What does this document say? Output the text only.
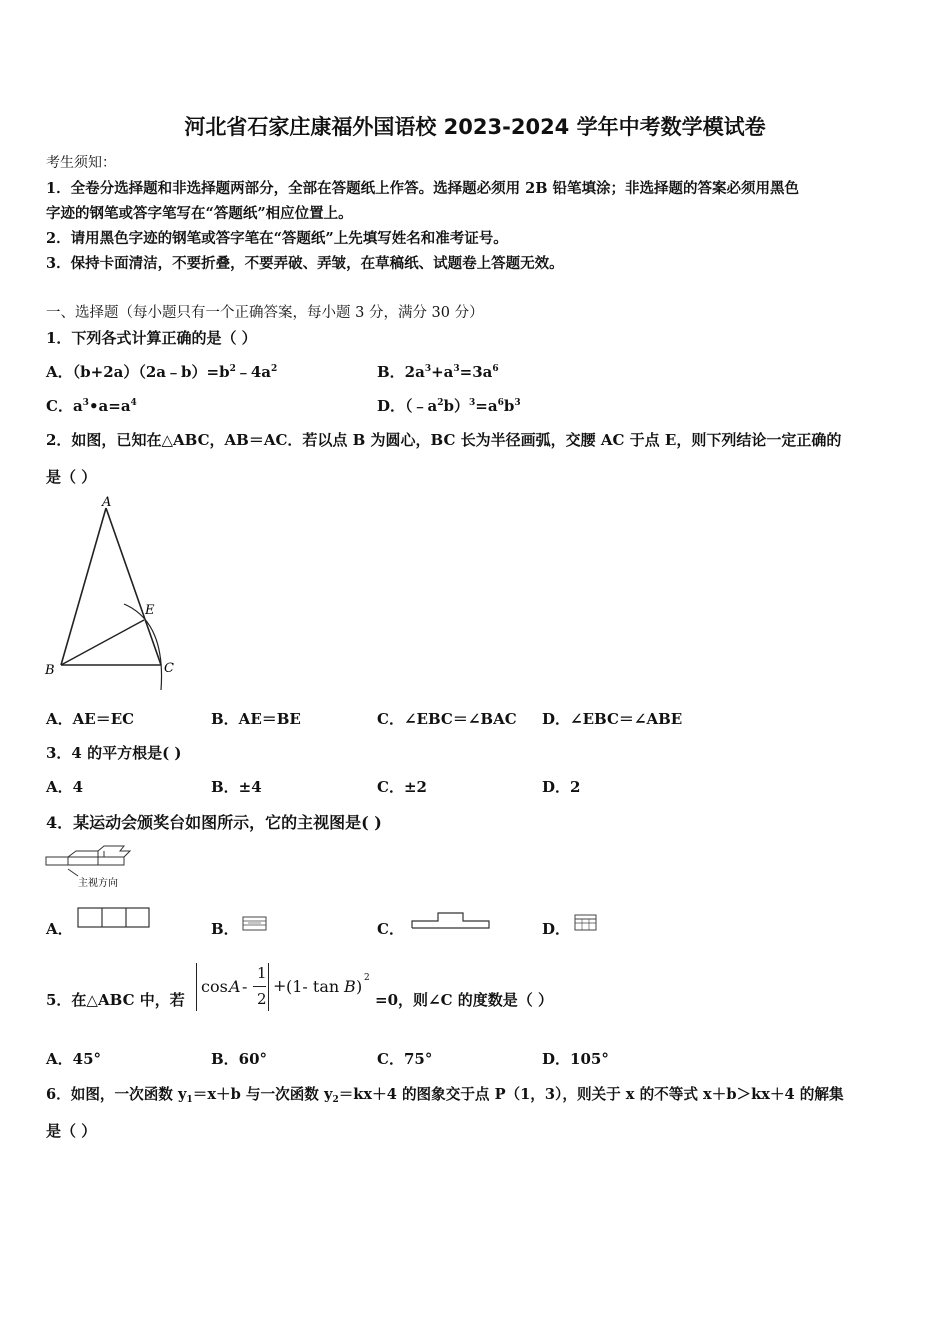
河北省石家庄康福外国语校 2023-2024 学年中考数学模试卷
考生须知：
1．全卷分选择题和非选择题两部分，全部在答题纸上作答。选择题必须用 2B 铅笔填涂；非选择题的答案必须用黑色
字迹的钢笔或答字笔写在“答题纸”相应位置上。
2．请用黑色字迹的钢笔或答字笔在“答题纸”上先填写姓名和准考证号。
3．保持卡面清洁，不要折叠，不要弄破、弄皱，在草稿纸、试题卷上答题无效。
一、选择题（每小题只有一个正确答案，每小题 3 分，满分 30 分）
1．下列各式计算正确的是（ ）
A．$(b+2a)(2a﹣b)=b^2﹣4a^2$	B．$2a^3+a^3=3a^6$
C．$a^3•a=a^4$	D．$(﹣a^2b)^3=a^6b^3$
2．如图，已知在△ABC，AB＝AC．若以点 B 为圆心，BC 长为半径画弧，交腰 AC 于点 E，则下列结论一定正确的
是（ ）
A
B	C
E
A．AE＝EC	B．AE＝BE	C．∠EBC＝∠BAC D．∠EBC＝∠ABE
3．4 的平方根是( )
A．4	B．±4	C．±2	D．2
4．某运动会颁奖台如图所示，它的主视图是( )
主视方向
A．	B．	C．	D．
5．在△ABC 中，若
cos A -
1
2
+ (1- tan B ) 2
=0，则∠C 的度数是（ ）
A．45°	B．60°	C．75°	D．105°
6．如图，一次函数 $y_1=x+b$ 与一次函数 $y_2=kx+4$ 的图象交于点 P（1，3），则关于 x 的不等式 x＋b＞kx＋4 的解集
是（ ）
